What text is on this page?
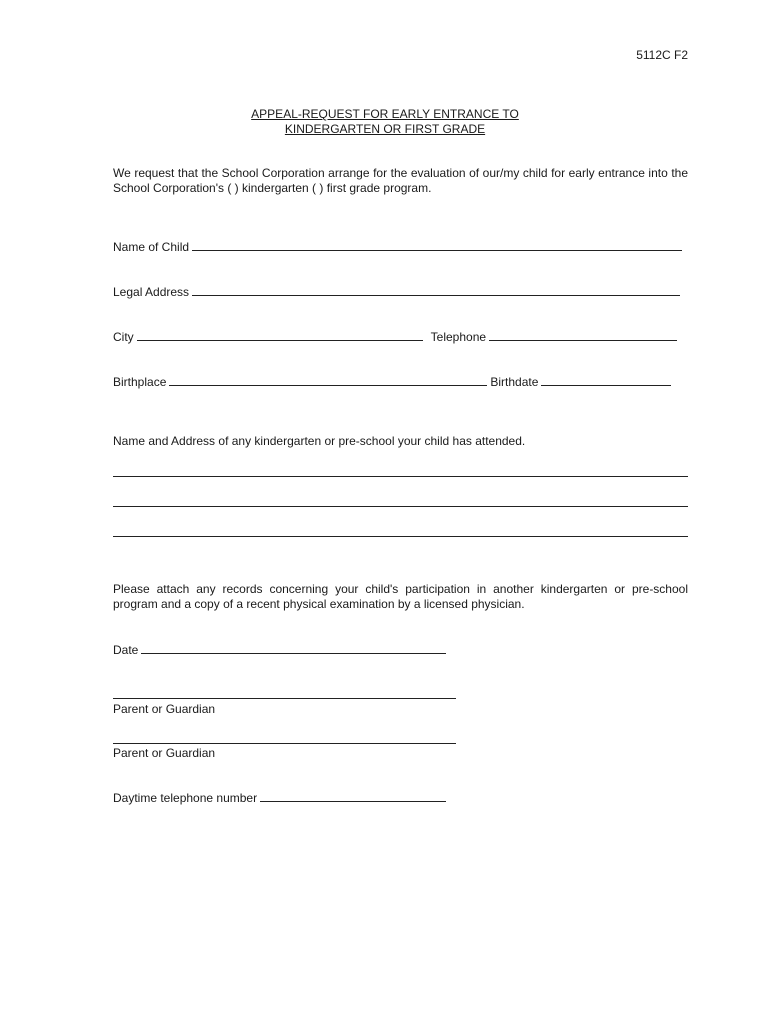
5112C F2
APPEAL-REQUEST FOR EARLY ENTRANCE TO
KINDERGARTEN OR FIRST GRADE
We request that the School Corporation arrange for the evaluation of our/my child for early entrance into the School Corporation's ( ) kindergarten ( ) first grade program.
Name of Child
Legal Address
City	Telephone
Birthplace	Birthdate
Name and Address of any kindergarten or pre-school your child has attended.
Please attach any records concerning your child's participation in another kindergarten or pre-school program and a copy of a recent physical examination by a licensed physician.
Date
Parent or Guardian
Parent or Guardian
Daytime telephone number
